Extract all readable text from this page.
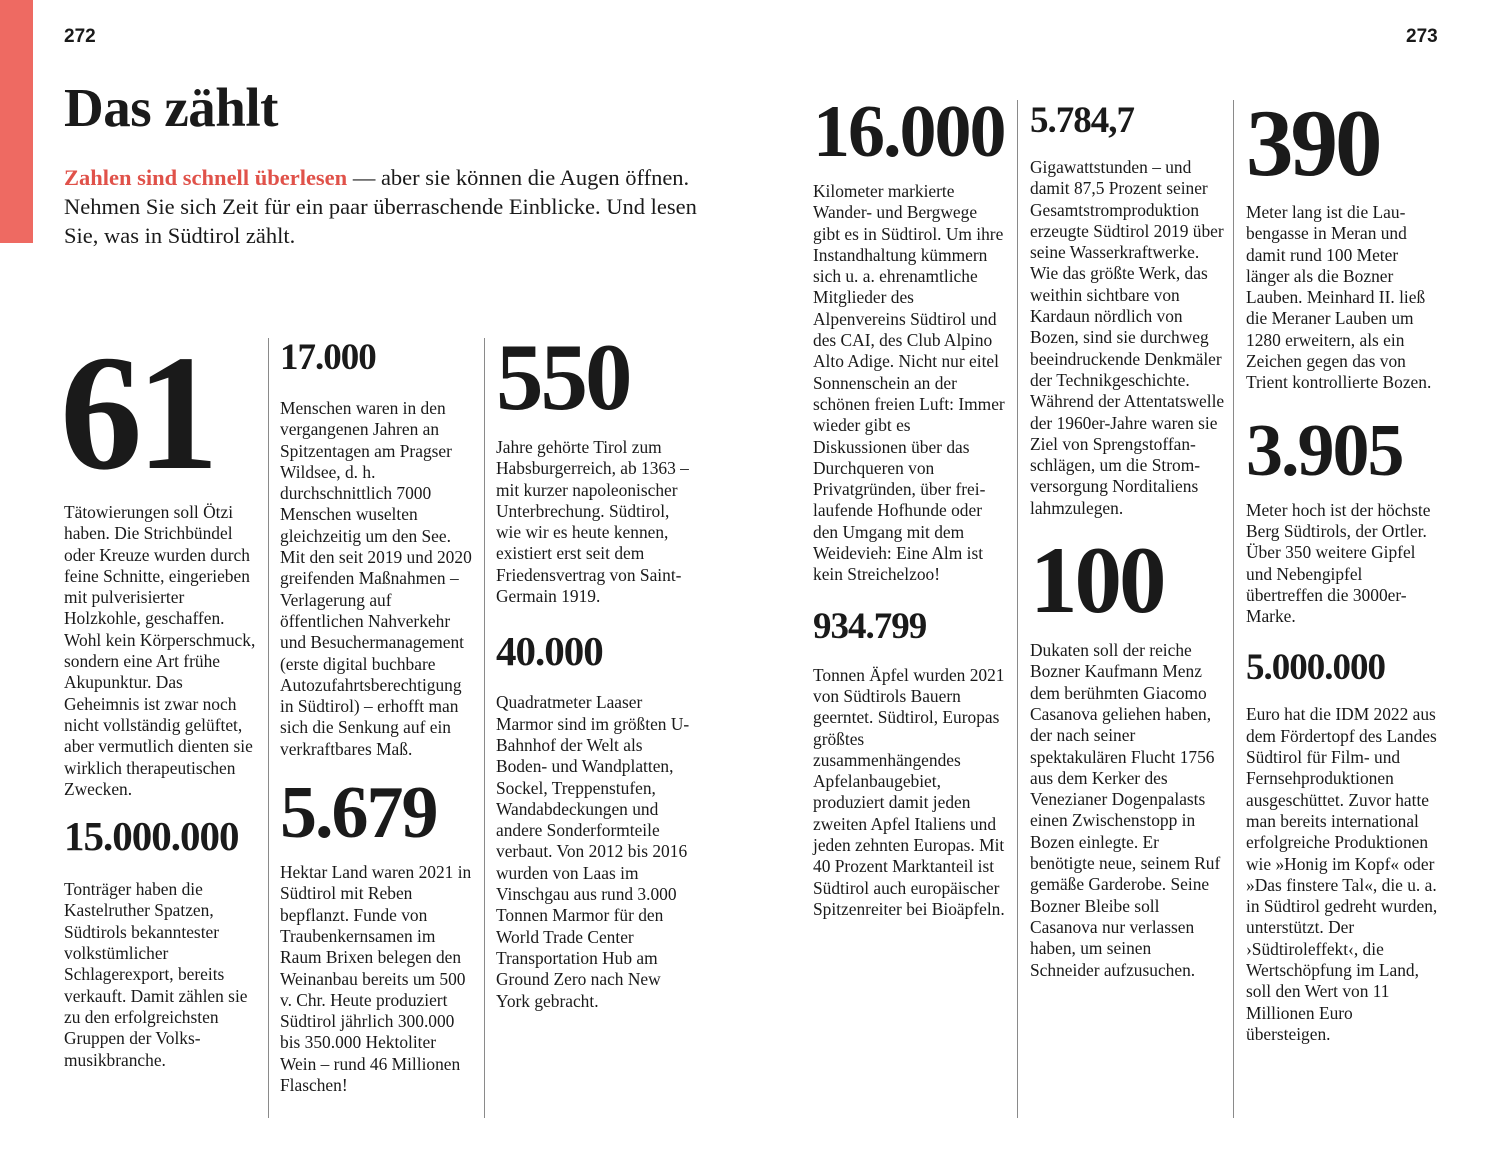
272	273
Das zählt

Zahlen sind schnell überlesen — aber sie können die Augen öffnen. Nehmen Sie sich Zeit für ein paar überraschende Einblicke. Und lesen Sie, was in Südtirol zählt.

61

Tätowierungen soll Ötzi haben. Die Strichbündel oder Kreuze wurden durch feine Schnitte, eingerieben mit pulverisierter Holzkohle, geschaffen. Wohl kein Körperschmuck, sondern eine Art frühe Akupunktur. Das Geheimnis ist zwar noch nicht vollständig gelüftet, aber vermutlich dienten sie wirklich therapeutischen Zwecken.

15.000.000

Tonträger haben die Kastelruther Spatzen, Südtirols bekanntester volkstümlicher Schlagerexport, bereits verkauft. Damit zählen sie zu den erfolgreichsten Gruppen der Volksmusikbranche.

17.000

Menschen waren in den vergangenen Jahren an Spitzentagen am Pragser Wildsee, d. h. durchschnittlich 7000 Menschen wuselten gleichzeitig um den See. Mit den seit 2019 und 2020 greifenden Maßnahmen – Verlagerung auf öffentlichen Nahverkehr und Besuchermanagement (erste digital buchbare Autozufahrtsberechtigung in Südtirol) – erhofft man sich die Senkung auf ein verkraftbares Maß.

5.679

Hektar Land waren 2021 in Südtirol mit Reben bepflanzt. Funde von Traubenkernsamen im Raum Brixen belegen den Weinanbau bereits um 500 v. Chr. Heute produziert Südtirol jährlich 300.000 bis 350.000 Hektoliter Wein – rund 46 Millionen Flaschen!

550

Jahre gehörte Tirol zum Habsburgerreich, ab 1363 – mit kurzer napoleonischer Unterbrechung. Südtirol, wie wir es heute kennen, existiert erst seit dem Friedensvertrag von Saint-Germain 1919.

40.000

Quadratmeter Laaser Marmor sind im größten U-Bahnhof der Welt als Boden- und Wandplatten, Sockel, Treppenstufen, Wandabdeckungen und andere Sonderformteile verbaut. Von 2012 bis 2016 wurden von Laas im Vinschgau aus rund 3.000 Tonnen Marmor für den World Trade Center Transportation Hub am Ground Zero nach New York gebracht.

16.000

Kilometer markierte Wander- und Bergwege gibt es in Südtirol. Um ihre Instandhaltung kümmern sich u. a. ehrenamtliche Mitglieder des Alpenvereins Südtirol und des CAI, des Club Alpino Alto Adige. Nicht nur eitel Sonnenschein an der schönen freien Luft: Immer wieder gibt es Diskussionen über das Durchqueren von Privatgründen, über freilaufende Hofhunde oder den Umgang mit dem Weidevieh: Eine Alm ist kein Streichelzoo!

934.799

Tonnen Äpfel wurden 2021 von Südtirols Bauern geerntet. Südtirol, Europas größtes zusammenhängendes Apfelanbaugebiet, produziert damit jeden zweiten Apfel Italiens und jeden zehnten Europas. Mit 40 Prozent Marktanteil ist Südtirol auch europäischer Spitzenreiter bei Bioäpfeln.

5.784,7

Gigawattstunden – und damit 87,5 Prozent seiner Gesamtstromproduktion erzeugte Südtirol 2019 über seine Wasserkraftwerke. Wie das größte Werk, das weithin sichtbare von Kardaun nördlich von Bozen, sind sie durchweg beeindruckende Denkmäler der Technikgeschichte. Während der Attentatswelle der 1960er-Jahre waren sie Ziel von Sprengstoffanschlägen, um die Stromversorgung Norditaliens lahmzulegen.

100

Dukaten soll der reiche Bozner Kaufmann Menz dem berühmten Giacomo Casanova geliehen haben, der nach seiner spektakulären Flucht 1756 aus dem Kerker des Venezianer Dogenpalasts einen Zwischenstopp in Bozen einlegte. Er benötigte neue, seinem Ruf gemäße Garderobe. Seine Bozner Bleibe soll Casanova nur verlassen haben, um seinen Schneider aufzusuchen.

390

Meter lang ist die Laubengasse in Meran und damit rund 100 Meter länger als die Bozner Lauben. Meinhard II. ließ die Meraner Lauben um 1280 erweitern, als ein Zeichen gegen das von Trient kontrollierte Bozen.

3.905

Meter hoch ist der höchste Berg Südtirols, der Ortler. Über 350 weitere Gipfel und Nebengipfel übertreffen die 3000er-Marke.

5.000.000

Euro hat die IDM 2022 aus dem Fördertopf des Landes Südtirol für Film- und Fernsehproduktionen ausgeschüttet. Zuvor hatte man bereits international erfolgreiche Produktionen wie »Honig im Kopf« oder »Das finstere Tal«, die u. a. in Südtirol gedreht wurden, unterstützt. Der ›Südtiroleffekt‹, die Wertschöpfung im Land, soll den Wert von 11 Millionen Euro übersteigen.
